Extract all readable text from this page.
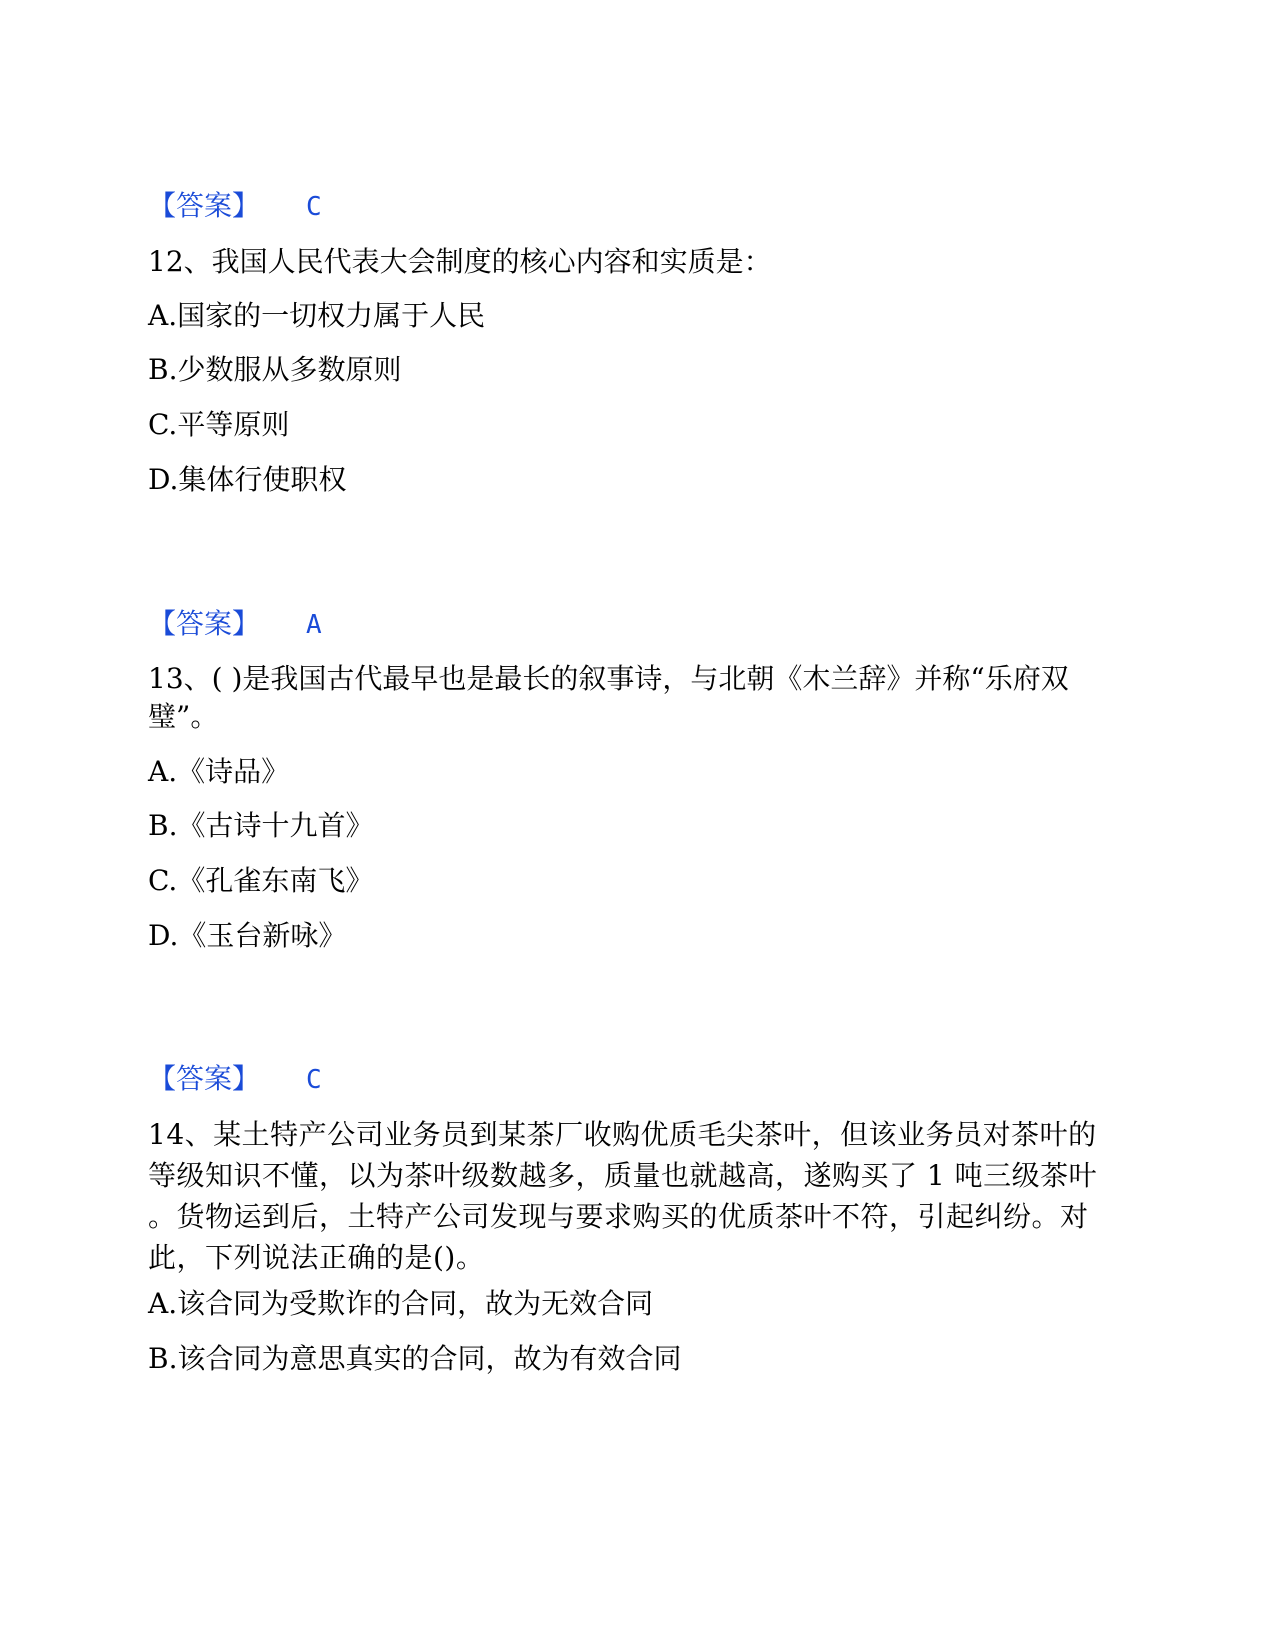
【答案】 C
12、我国人民代表大会制度的核心内容和实质是：
A.国家的一切权力属于人民
B.少数服从多数原则
C.平等原则
D.集体行使职权
【答案】 A
13、( )是我国古代最早也是最长的叙事诗，与北朝《木兰辞》并称“乐府双
璧”。
A.《诗品》
B.《古诗十九首》
C.《孔雀东南飞》
D.《玉台新咏》
【答案】 C
14、某土特产公司业务员到某茶厂收购优质毛尖茶叶，但该业务员对茶叶的
等级知识不懂，以为茶叶级数越多，质量也就越高，遂购买了 1 吨三级茶叶
。货物运到后，土特产公司发现与要求购买的优质茶叶不符，引起纠纷。对
此，下列说法正确的是()。
A.该合同为受欺诈的合同，故为无效合同
B.该合同为意思真实的合同，故为有效合同
